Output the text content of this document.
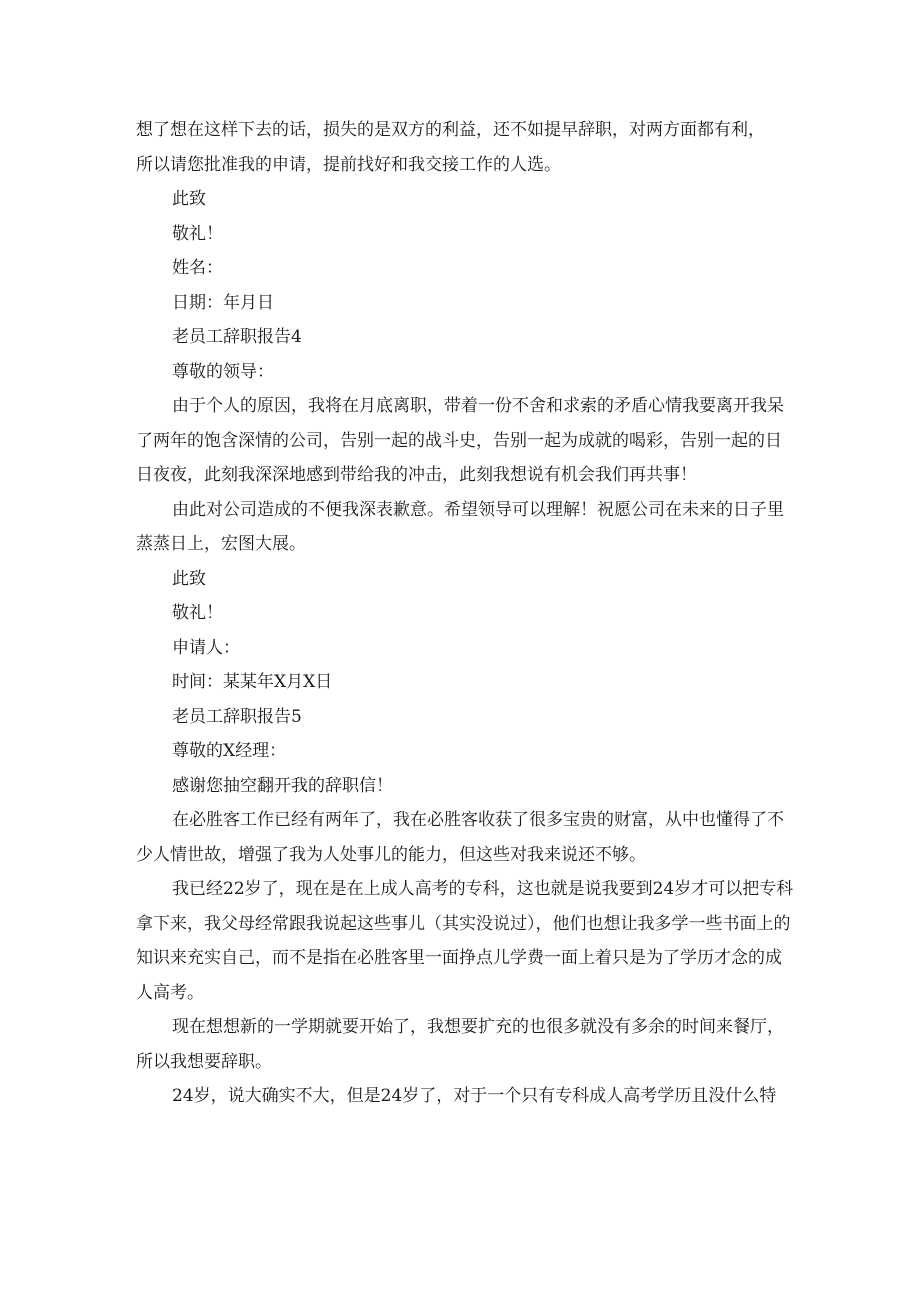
想了想在这样下去的话，损失的是双方的利益，还不如提早辞职，对两方面都有利，
所以请您批准我的申请，提前找好和我交接工作的人选。

此致

敬礼！

姓名：

日期：年月日

老员工辞职报告4

尊敬的领导：

由于个人的原因，我将在月底离职，带着一份不舍和求索的矛盾心情我要离开我呆了两年的饱含深情的公司，告别一起的战斗史，告别一起为成就的喝彩，告别一起的日日夜夜，此刻我深深地感到带给我的冲击，此刻我想说有机会我们再共事！

由此对公司造成的不便我深表歉意。希望领导可以理解！祝愿公司在未来的日子里蒸蒸日上，宏图大展。

此致

敬礼！

申请人：

时间：某某年X月X日

老员工辞职报告5

尊敬的X经理：

感谢您抽空翻开我的辞职信！

在必胜客工作已经有两年了，我在必胜客收获了很多宝贵的财富，从中也懂得了不少人情世故，增强了我为人处事儿的能力，但这些对我来说还不够。

我已经22岁了，现在是在上成人高考的专科，这也就是说我要到24岁才可以把专科拿下来，我父母经常跟我说起这些事儿（其实没说过），他们也想让我多学一些书面上的知识来充实自己，而不是指在必胜客里一面挣点儿学费一面上着只是为了学历才念的成人高考。

现在想想新的一学期就要开始了，我想要扩充的也很多就没有多余的时间来餐厅，所以我想要辞职。

24岁，说大确实不大，但是24岁了，对于一个只有专科成人高考学历且没什么特
